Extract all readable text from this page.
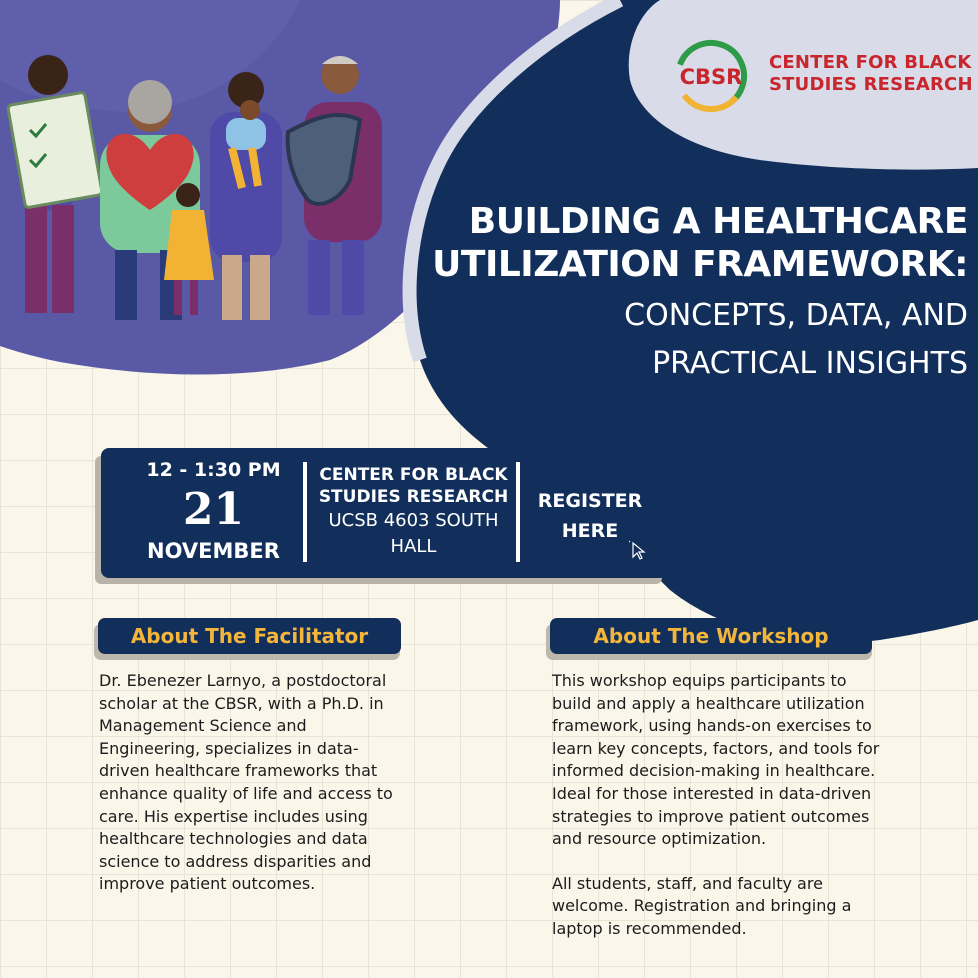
CBSR
CENTER FOR BLACK STUDIES RESEARCH
BUILDING A HEALTHCARE
UTILIZATION FRAMEWORK:
CONCEPTS, DATA, AND
PRACTICAL INSIGHTS
12 - 1:30 PM
21
NOVEMBER
CENTER FOR BLACK STUDIES RESEARCH
UCSB 4603 SOUTH HALL
REGISTER HERE
About The Facilitator
Dr. Ebenezer Larnyo, a postdoctoral scholar at the CBSR, with a Ph.D. in Management Science and Engineering, specializes in data-driven healthcare frameworks that enhance quality of life and access to care. His expertise includes using healthcare technologies and data science to address disparities and improve patient outcomes.
About The Workshop
This workshop equips participants to build and apply a healthcare utilization framework, using hands-on exercises to learn key concepts, factors, and tools for informed decision-making in healthcare. Ideal for those interested in data-driven strategies to improve patient outcomes and resource optimization.
All students, staff, and faculty are welcome. Registration and bringing a laptop is recommended.
